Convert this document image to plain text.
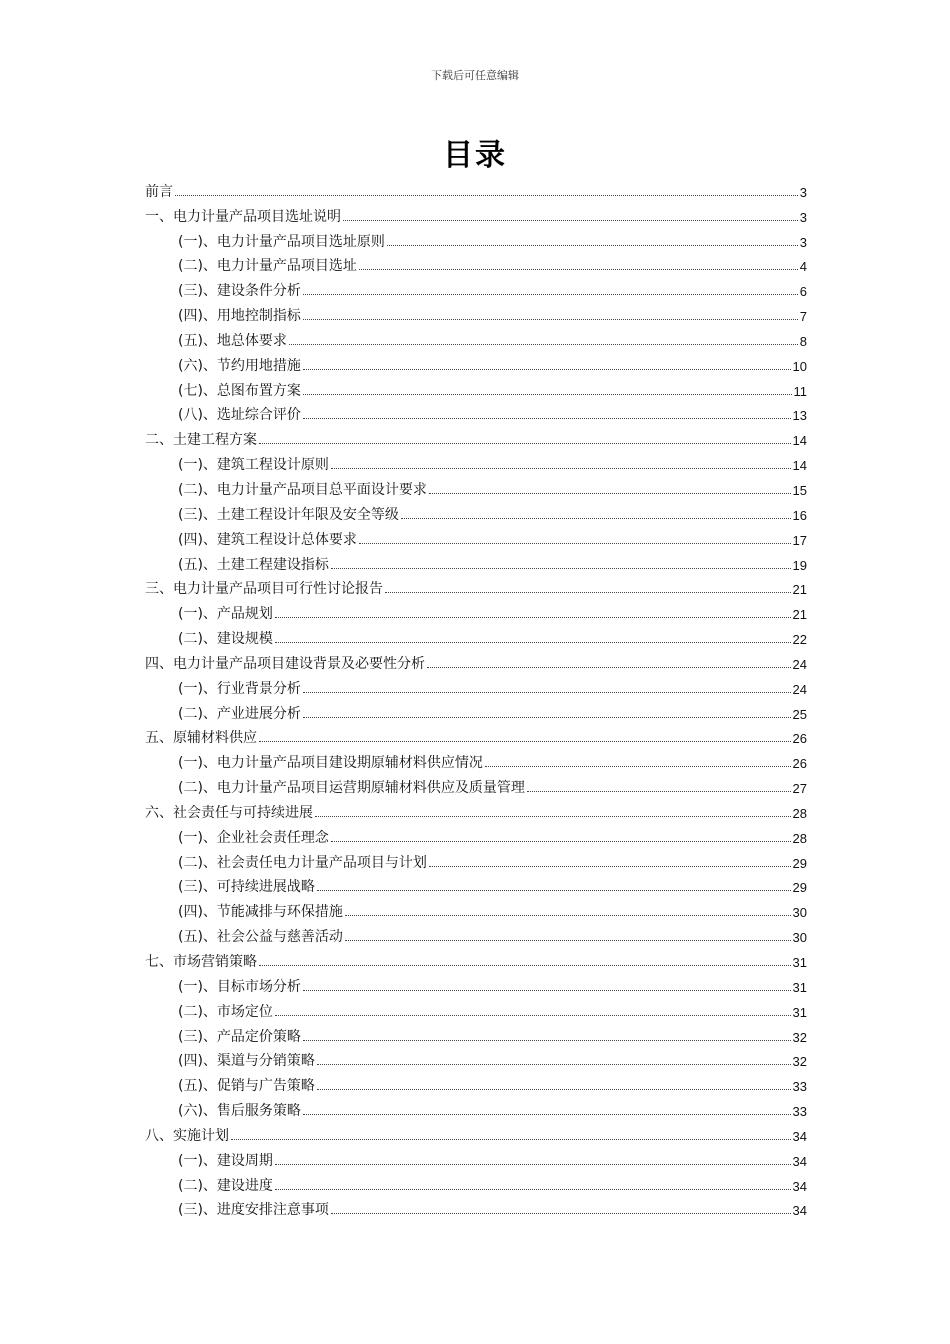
下载后可任意编辑
目录
前言	3
一、电力计量产品项目选址说明	3
(一)、电力计量产品项目选址原则	3
(二)、电力计量产品项目选址	4
(三)、建设条件分析	6
(四)、用地控制指标	7
(五)、地总体要求	8
(六)、节约用地措施	10
(七)、总图布置方案	11
(八)、选址综合评价	13
二、土建工程方案	14
(一)、建筑工程设计原则	14
(二)、电力计量产品项目总平面设计要求	15
(三)、土建工程设计年限及安全等级	16
(四)、建筑工程设计总体要求	17
(五)、土建工程建设指标	19
三、电力计量产品项目可行性讨论报告	21
(一)、产品规划	21
(二)、建设规模	22
四、电力计量产品项目建设背景及必要性分析	24
(一)、行业背景分析	24
(二)、产业进展分析	25
五、原辅材料供应	26
(一)、电力计量产品项目建设期原辅材料供应情况	26
(二)、电力计量产品项目运营期原辅材料供应及质量管理	27
六、社会责任与可持续进展	28
(一)、企业社会责任理念	28
(二)、社会责任电力计量产品项目与计划	29
(三)、可持续进展战略	29
(四)、节能减排与环保措施	30
(五)、社会公益与慈善活动	30
七、市场营销策略	31
(一)、目标市场分析	31
(二)、市场定位	31
(三)、产品定价策略	32
(四)、渠道与分销策略	32
(五)、促销与广告策略	33
(六)、售后服务策略	33
八、实施计划	34
(一)、建设周期	34
(二)、建设进度	34
(三)、进度安排注意事项	34
